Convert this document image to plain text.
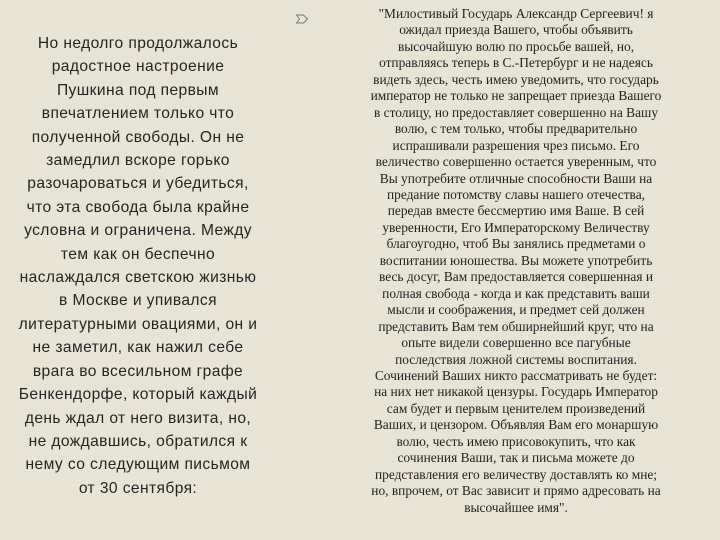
Но недолго продолжалось
радостное настроение
Пушкина под первым
впечатлением только что
полученной свободы. Он не
замедлил вскоре горько
разочароваться и убедиться,
что эта свобода была крайне
условна и ограничена. Между
тем как он беспечно
наслаждался светскою жизнью
в Москве и упивался
литературными овациями, он и
не заметил, как нажил себе
врага во всесильном графе
Бенкендорфе, который каждый
день ждал от него визита, но,
не дождавшись, обратился к
нему со следующим письмом
от 30 сентября:
"Милостивый Государь Александр Сергеевич! я
ожидал приезда Вашего, чтобы объявить
высочайшую волю по просьбе вашей, но,
отправляясь теперь в С.-Петербург и не надеясь
видеть здесь, честь имею уведомить, что государь
император не только не запрещает приезда Вашего
в столицу, но предоставляет совершенно на Вашу
волю, с тем только, чтобы предварительно
испрашивали разрешения чрез письмо. Его
величество совершенно остается уверенным, что
Вы употребите отличные способности Ваши на
предание потомству славы нашего отечества,
передав вместе бессмертию имя Ваше. В сей
уверенности, Его Императорскому Величеству
благоугодно, чтоб Вы занялись предметами о
воспитании юношества. Вы можете употребить
весь досуг, Вам предоставляется совершенная и
полная свобода - когда и как представить ваши
мысли и соображения, и предмет сей должен
представить Вам тем обширнейший круг, что на
опыте видели совершенно все пагубные
последствия ложной системы воспитания.
Сочинений Ваших никто рассматривать не будет:
на них нет никакой цензуры. Государь Император
сам будет и первым ценителем произведений
Ваших, и цензором. Объявляя Вам его монаршую
волю, честь имею присовокупить, что как
сочинения Ваши, так и письма можете до
представления его величеству доставлять ко мне;
но, впрочем, от Вас зависит и прямо адресовать на
высочайшее имя".
